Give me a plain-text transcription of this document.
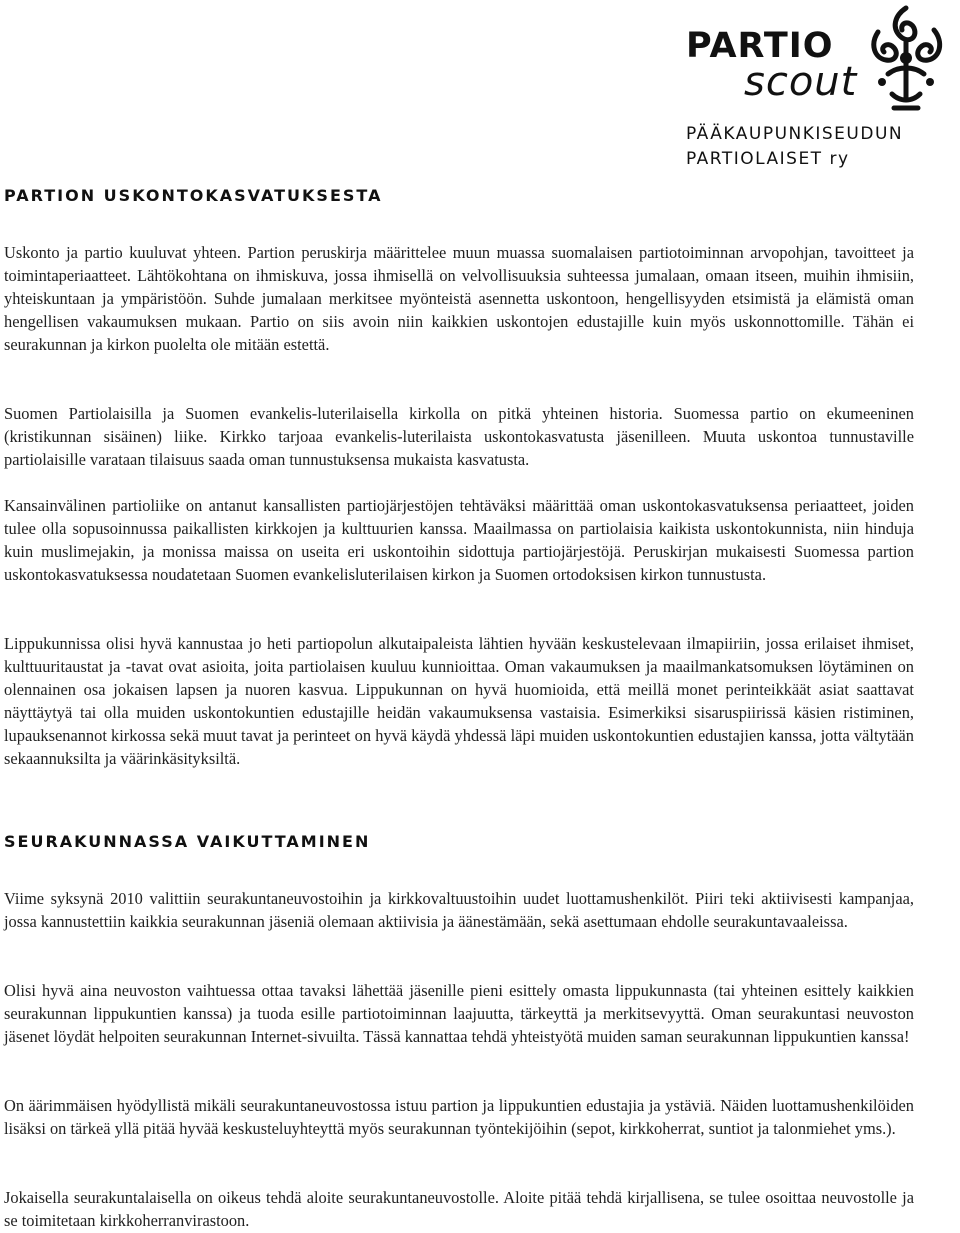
PARTIO
scout
PÄÄKAUPUNKISEUDUN
PARTIOLAISET ry
PARTION USKONTOKASVATUKSESTA

Uskonto ja partio kuuluvat yhteen. Partion peruskirja määrittelee muun muassa suomalaisen partiotoiminnan arvopohjan, tavoitteet ja toimintaperiaatteet. Lähtökohtana on ihmiskuva, jossa ihmisellä on velvollisuuksia suhteessa jumalaan, omaan itseen, muihin ihmisiin, yhteiskuntaan ja ympäristöön. Suhde jumalaan merkitsee myönteistä asennetta uskontoon, hengellisyyden etsimistä ja elämistä oman hengellisen vakaumuksen mukaan. Partio on siis avoin niin kaikkien uskontojen edustajille kuin myös uskonnottomille. Tähän ei seurakunnan ja kirkon puolelta ole mitään estettä.

Suomen Partiolaisilla ja Suomen evankelis-luterilaisella kirkolla on pitkä yhteinen historia. Suomessa partio on ekumeeninen (kristikunnan sisäinen) liike. Kirkko tarjoaa evankelis-luterilaista uskontokasvatusta jäsenilleen. Muuta uskontoa tunnustaville partiolaisille varataan tilaisuus saada oman tunnustuksensa mukaista kasvatusta.

Kansainvälinen partioliike on antanut kansallisten partiojärjestöjen tehtäväksi määrittää oman uskontokasvatuksensa periaatteet, joiden tulee olla sopusoinnussa paikallisten kirkkojen ja kulttuurien kanssa. Maailmassa on partiolaisia kaikista uskontokunnista, niin hinduja kuin muslimejakin, ja monissa maissa on useita eri uskontoihin sidottuja partiojärjestöjä. Peruskirjan mukaisesti Suomessa partion uskontokasvatuksessa noudatetaan Suomen evankelisluterilaisen kirkon ja Suomen ortodoksisen kirkon tunnustusta.

Lippukunnissa olisi hyvä kannustaa jo heti partiopolun alkutaipaleista lähtien hyvään keskustelevaan ilmapiiriin, jossa erilaiset ihmiset, kulttuuritaustat ja -tavat ovat asioita, joita partiolaisen kuuluu kunnioittaa. Oman vakaumuksen ja maailmankatsomuksen löytäminen on olennainen osa jokaisen lapsen ja nuoren kasvua. Lippukunnan on hyvä huomioida, että meillä monet perinteikkäät asiat saattavat näyttäytyä tai olla muiden uskontokuntien edustajille heidän vakaumuksensa vastaisia. Esimerkiksi sisaruspiirissä käsien ristiminen, lupauksenannot kirkossa sekä muut tavat ja perinteet on hyvä käydä yhdessä läpi muiden uskontokuntien edustajien kanssa, jotta vältytään sekaannuksilta ja väärinkäsityksiltä.

SEURAKUNNASSA VAIKUTTAMINEN

Viime syksynä 2010 valittiin seurakuntaneuvostoihin ja kirkkovaltuustoihin uudet luottamushenkilöt. Piiri teki aktiivisesti kampanjaa, jossa kannustettiin kaikkia seurakunnan jäseniä olemaan aktiivisia ja äänestämään, sekä asettumaan ehdolle seurakuntavaaleissa.

Olisi hyvä aina neuvoston vaihtuessa ottaa tavaksi lähettää jäsenille pieni esittely omasta lippukunnasta (tai yhteinen esittely kaikkien seurakunnan lippukuntien kanssa) ja tuoda esille partiotoiminnan laajuutta, tärkeyttä ja merkitsevyyttä. Oman seurakuntasi neuvoston jäsenet löydät helpoiten seurakunnan Internet-sivuilta. Tässä kannattaa tehdä yhteistyötä muiden saman seurakunnan lippukuntien kanssa!

On äärimmäisen hyödyllistä mikäli seurakuntaneuvostossa istuu partion ja lippukuntien edustajia ja ystäviä. Näiden luottamushenkilöiden lisäksi on tärkeä yllä pitää hyvää keskusteluyhteyttä myös seurakunnan työntekijöihin (sepot, kirkkoherrat, suntiot ja talonmiehet yms.).

Jokaisella seurakuntalaisella on oikeus tehdä aloite seurakuntaneuvostolle. Aloite pitää tehdä kirjallisena, se tulee osoittaa neuvostolle ja se toimitetaan kirkkoherranvirastoon.
